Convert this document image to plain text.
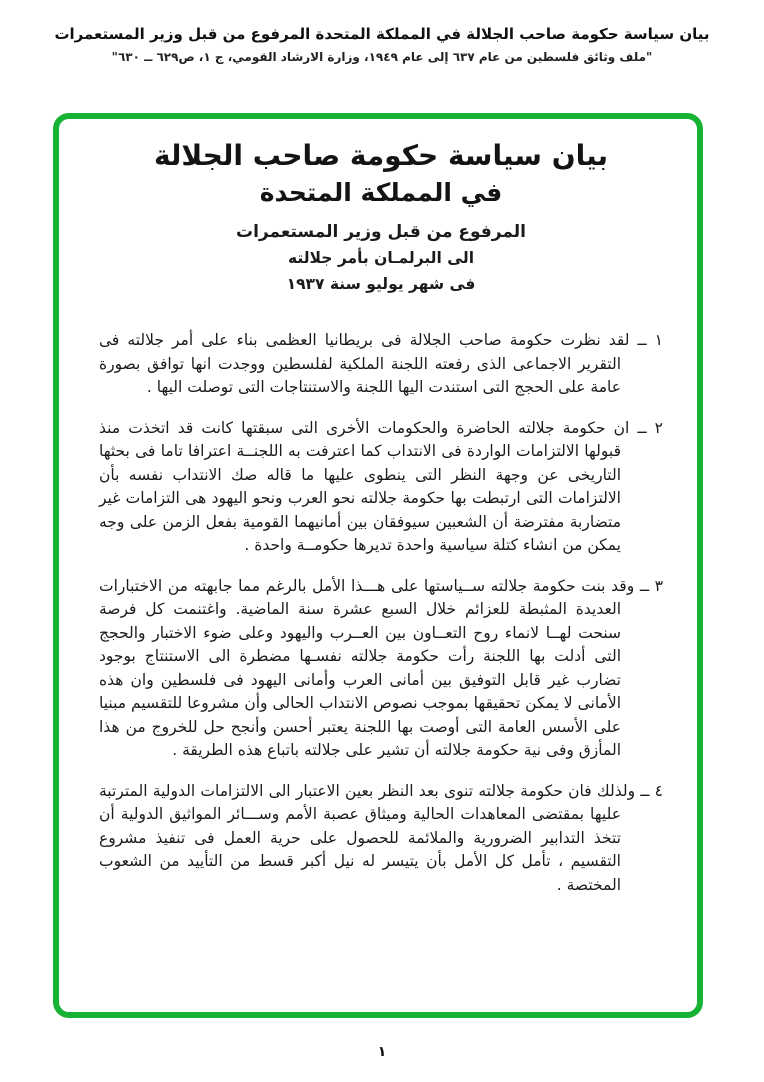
بيان سياسة حكومة صاحب الجلالة في المملكة المتحدة المرفوع من قبل وزير المستعمرات
"ملف وثائق فلسطين من عام ٦٣٧ إلى عام ١٩٤٩، وزارة الارشاد القومي، ج ١، ص٦٢٩ ــ ٦٣٠"
بيان سياسة حكومة صاحب الجلالة
في المملكة المتحدة
المرفوع من قبل وزير المستعمرات
الى البرلمـان بأمر جلالته
فى شهر يوليو سنة ١٩٣٧
١ ــ لقد نظرت حكومة صاحب الجلالة فى بريطانيا العظمى بناء على أمر جلالته فى التقرير الاجماعى الذى رفعته اللجنة الملكية لفلسطين ووجدت انها توافق بصورة عامة على الحجج التى استندت اليها اللجنة والاستنتاجات التى توصلت اليها .
٢ ــ ان حكومة جلالته الحاضرة والحكومات الأخرى التى سبقتها كانت قد اتخذت منذ قبولها الالتزامات الواردة فى الانتداب كما اعترفت به اللجنــة اعترافا تاما فى بحثها التاريخى عن وجهة النظر التى ينطوى عليها ما قاله صك الانتداب نفسه بأن الالتزامات التى ارتبطت بها حكومة جلالته نحو العرب ونحو اليهود هى التزامات غير متضاربة مفترضة أن الشعبين سيوفقان بين أمانيهما القومية بفعل الزمن على وجه يمكن من انشاء كتلة سياسية واحدة تديرها حكومــة واحدة .
٣ ــ وقد بنت حكومة جلالته ســياستها على هـــذا الأمل بالرغم مما جابهته من الاختبارات العديدة المثبطة للعزائم خلال السبع عشرة سنة الماضية. واغتنمت كل فرصة سنحت لهــا لانماء روح التعــاون بين العــرب واليهود وعلى ضوء الاختبار والحجج التى أدلت بها اللجنة رأت حكومة جلالته نفسـها مضطرة الى الاستنتاج بوجود تضارب غير قابل التوفيق بين أمانى العرب وأمانى اليهود فى فلسطين وان هذه الأمانى لا يمكن تحقيقها بموجب نصوص الانتداب الحالى وأن مشروعا للتقسيم مبنيا على الأسس العامة التى أوصت بها اللجنة يعتبر أحسن وأنجح حل للخروج من هذا المأزق وفى نية حكومة جلالته أن تشير على جلالته باتباع هذه الطريقة .
٤ ــ ولذلك فان حكومة جلالته تنوى بعد النظر بعين الاعتبار الى الالتزامات الدولية المترتبة عليها بمقتضى المعاهدات الحالية وميثاق عصبة الأمم وســـائر المواثيق الدولية أن تتخذ التدابير الضرورية والملائمة للحصول على حرية العمل فى تنفيذ مشروع التقسيم ، تأمل كل الأمل بأن يتيسر له نيل أكبر قسط من التأييد من الشعوب المختصة .
١
